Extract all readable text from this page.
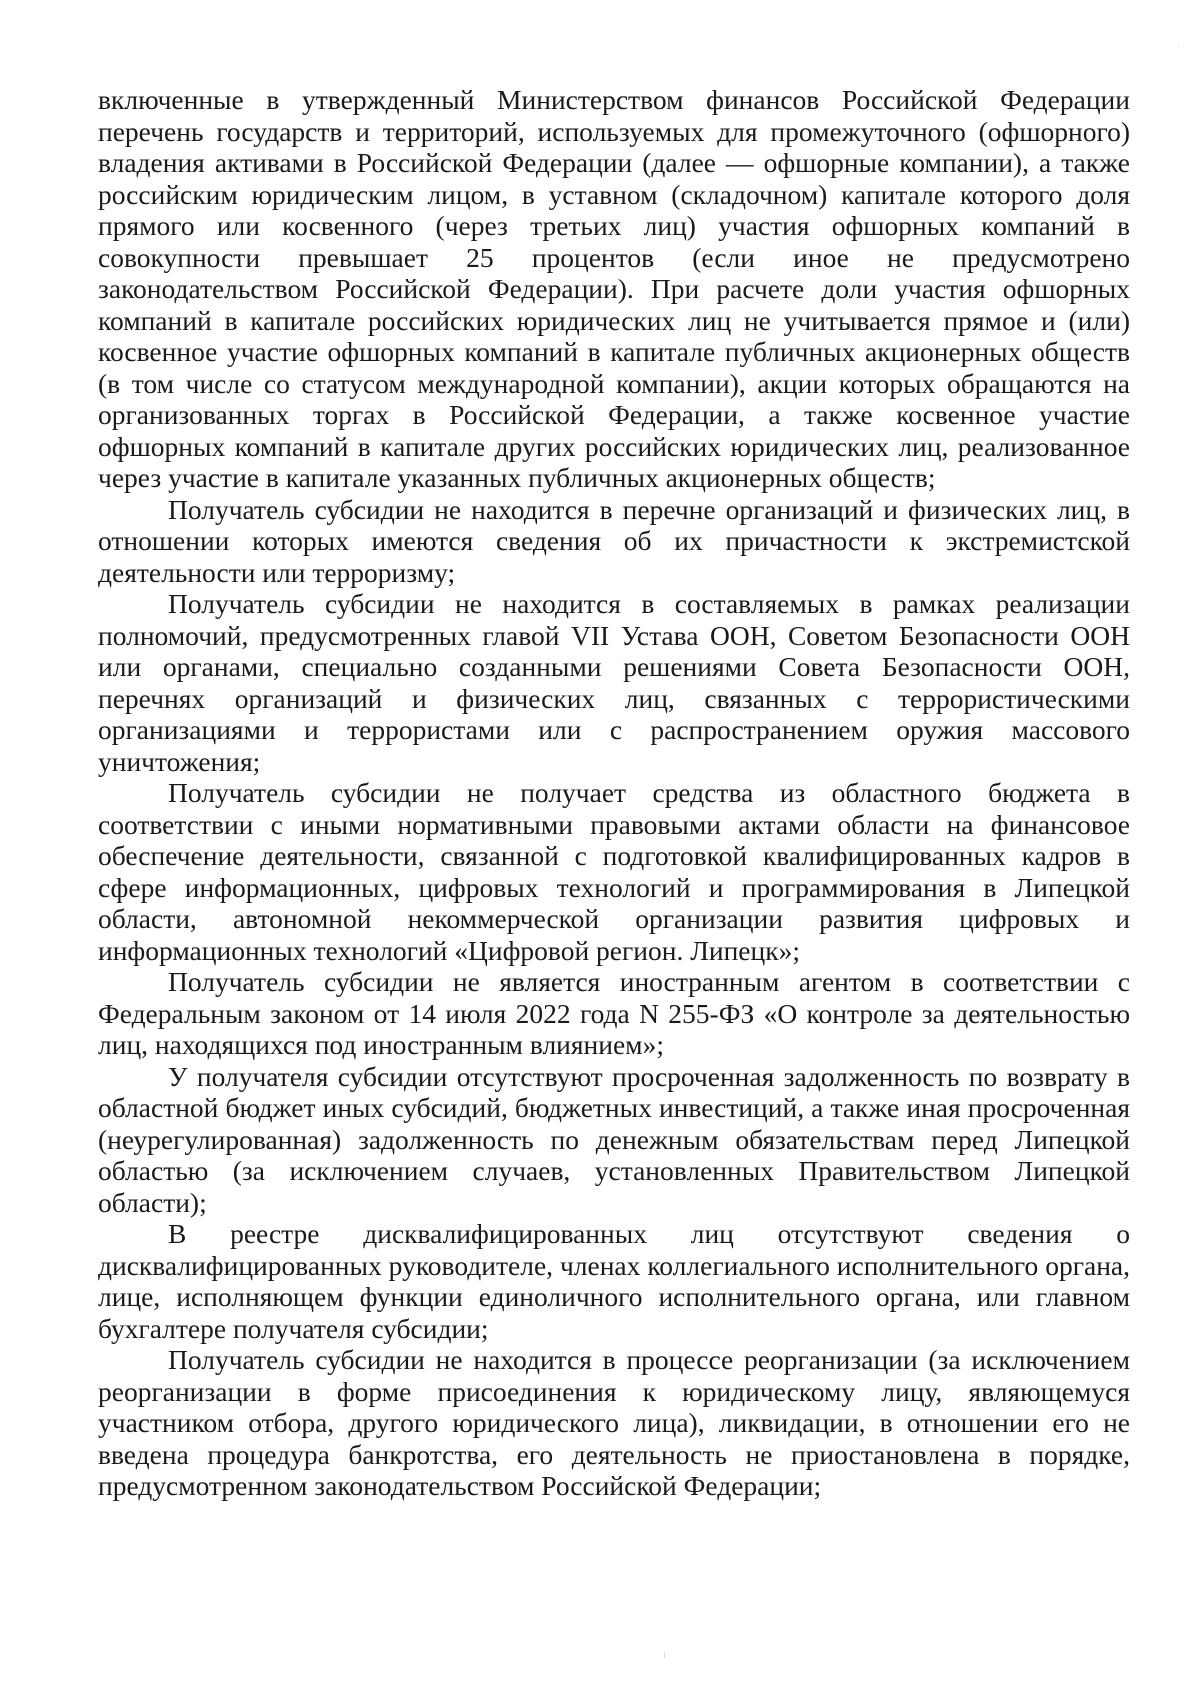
включенные в утвержденный Министерством финансов Российской Федерации перечень государств и территорий, используемых для промежуточного (офшорного) владения активами в Российской Федерации (далее — офшорные компании), а также российским юридическим лицом, в уставном (складочном) капитале которого доля прямого или косвенного (через третьих лиц) участия офшорных компаний в совокупности превышает 25 процентов (если иное не предусмотрено законодательством Российской Федерации). При расчете доли участия офшорных компаний в капитале российских юридических лиц не учитывается прямое и (или) косвенное участие офшорных компаний в капитале публичных акционерных обществ (в том числе со статусом международной компании), акции которых обращаются на организованных торгах в Российской Федерации, а также косвенное участие офшорных компаний в капитале других российских юридических лиц, реализованное через участие в капитале указанных публичных акционерных обществ;

Получатель субсидии не находится в перечне организаций и физических лиц, в отношении которых имеются сведения об их причастности к экстремистской деятельности или терроризму;

Получатель субсидии не находится в составляемых в рамках реализации полномочий, предусмотренных главой VII Устава ООН, Советом Безопасности ООН или органами, специально созданными решениями Совета Безопасности ООН, перечнях организаций и физических лиц, связанных с террористическими организациями и террористами или с распространением оружия массового уничтожения;

Получатель субсидии не получает средства из областного бюджета в соответствии с иными нормативными правовыми актами области на финансовое обеспечение деятельности, связанной с подготовкой квалифицированных кадров в сфере информационных, цифровых технологий и программирования в Липецкой области, автономной некоммерческой организации развития цифровых и информационных технологий «Цифровой регион. Липецк»;

Получатель субсидии не является иностранным агентом в соответствии с Федеральным законом от 14 июля 2022 года N 255-ФЗ «О контроле за деятельностью лиц, находящихся под иностранным влиянием»;

У получателя субсидии отсутствуют просроченная задолженность по возврату в областной бюджет иных субсидий, бюджетных инвестиций, а также иная просроченная (неурегулированная) задолженность по денежным обязательствам перед Липецкой областью (за исключением случаев, установленных Правительством Липецкой области);

В реестре дисквалифицированных лиц отсутствуют сведения о дисквалифицированных руководителе, членах коллегиального исполнительного органа, лице, исполняющем функции единоличного исполнительного органа, или главном бухгалтере получателя субсидии;

Получатель субсидии не находится в процессе реорганизации (за исключением реорганизации в форме присоединения к юридическому лицу, являющемуся участником отбора, другого юридического лица), ликвидации, в отношении его не введена процедура банкротства, его деятельность не приостановлена в порядке, предусмотренном законодательством Российской Федерации;
